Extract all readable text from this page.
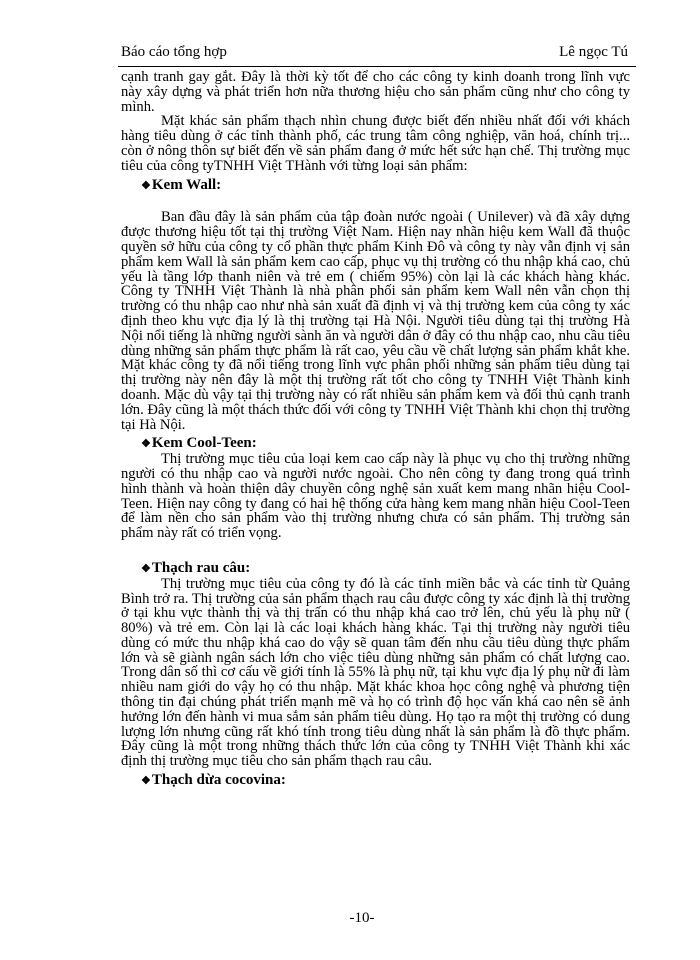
Báo cáo tổng hợp	Lê ngọc Tú

cạnh tranh gay gắt. Đây là thời kỳ tốt để cho các công ty kinh doanh trong lĩnh vực này xây dựng và phát triển hơn nữa thương hiệu cho sản phẩm cũng như cho công ty mình.

Mặt khác sản phẩm thạch nhìn chung được biết đến nhiều nhất đối với khách hàng tiêu dùng ở các tỉnh thành phố, các trung tâm công nghiệp, văn hoá, chính trị... còn ở nông thôn sự biết đến về sản phẩm đang ở mức hết sức hạn chế. Thị trường mục tiêu của công tyTNHH Việt THành với từng loại sản phẩm:

❖ Kem Wall:

Ban đầu đây là sản phẩm của tập đoàn nước ngoài ( Unilever) và đã xây dựng được thương hiệu tốt tại thị trường Việt Nam. Hiện nay nhãn hiệu kem Wall đã thuộc quyền sở hữu của công ty cổ phần thực phẩm Kinh Đô và công ty này vẫn định vị sản phẩm kem Wall là sản phẩm kem cao cấp, phục vụ thị trường có thu nhập khá cao, chủ yếu là tầng lớp thanh niên và trẻ em ( chiếm 95%) còn lại là các khách hàng khác. Công ty TNHH Việt Thành là nhà phân phối sản phẩm kem Wall nên vẫn chọn thị trường có thu nhập cao như nhà sản xuất đã định vị và thị trường kem của công ty xác định theo khu vực địa lý là thị trường tại Hà Nội. Người tiêu dùng tại thị trường Hà Nội nổi tiếng là những người sành ăn và người dân ở đây có thu nhập cao, nhu cầu tiêu dùng những sản phẩm thực phẩm là rất cao, yêu cầu về chất lượng sản phẩm khắt khe. Mặt khác công ty đã nổi tiếng trong lĩnh vực phân phối những sản phẩm tiêu dùng tại thị trường này nên đây là một thị trường rất tốt cho công ty TNHH Việt Thành kinh doanh. Mặc dù vậy tại thị trường này có rất nhiều sản phẩm kem và đối thủ cạnh tranh lớn. Đây cũng là một thách thức đối với công ty TNHH Việt Thành khi chọn thị trường tại Hà Nội.

❖ Kem Cool-Teen:

Thị trường mục tiêu của loại kem cao cấp này là phục vụ cho thị trường những người có thu nhập cao và người nước ngoài. Cho nên công ty đang trong quá trình hình thành và hoàn thiện dây chuyền công nghệ sản xuất kem mang nhãn hiệu Cool-Teen. Hiện nay công ty đang có hai hệ thống cửa hàng kem mang nhãn hiệu Cool-Teen để làm nền cho sản phẩm vào thị trường nhưng chưa có sản phẩm. Thị trường sản phẩm này rất có triển vọng.

❖ Thạch rau câu:

Thị trường mục tiêu của công ty đó là các tỉnh miền bắc và các tỉnh từ Quảng Bình trở ra. Thị trường của sản phẩm thạch rau câu được công ty xác định là thị trường ở tại khu vực thành thị và thị trấn có thu nhập khá cao trở lên, chủ yếu là phụ nữ ( 80%) và trẻ em. Còn lại là các loại khách hàng khác. Tại thị trường này người tiêu dùng có mức thu nhập khá cao do vậy sẽ quan tâm đến nhu cầu tiêu dùng thực phẩm lớn và sẽ giành ngân sách lớn cho việc tiêu dùng những sản phẩm có chất lượng cao. Trong dân số thì cơ cấu về giới tính là 55% là phụ nữ, tại khu vực địa lý phụ nữ đi làm nhiều nam giới do vậy họ có thu nhập. Mặt khác khoa học công nghệ và phương tiện thông tin đại chúng phát triển mạnh mẽ và họ có trình độ học vấn khá cao nên sẽ ảnh hưởng lớn đến hành vi mua sắm sản phẩm tiêu dùng. Họ tạo ra một thị trường có dung lượng lớn nhưng cũng rất khó tính trong tiêu dùng nhất là sản phẩm là đồ thực phẩm. Đây cũng là một trong những thách thức lớn của công ty TNHH Việt Thành khi xác định thị trường mục tiêu cho sản phẩm thạch rau câu.

❖ Thạch dừa cocovina:
-10-
